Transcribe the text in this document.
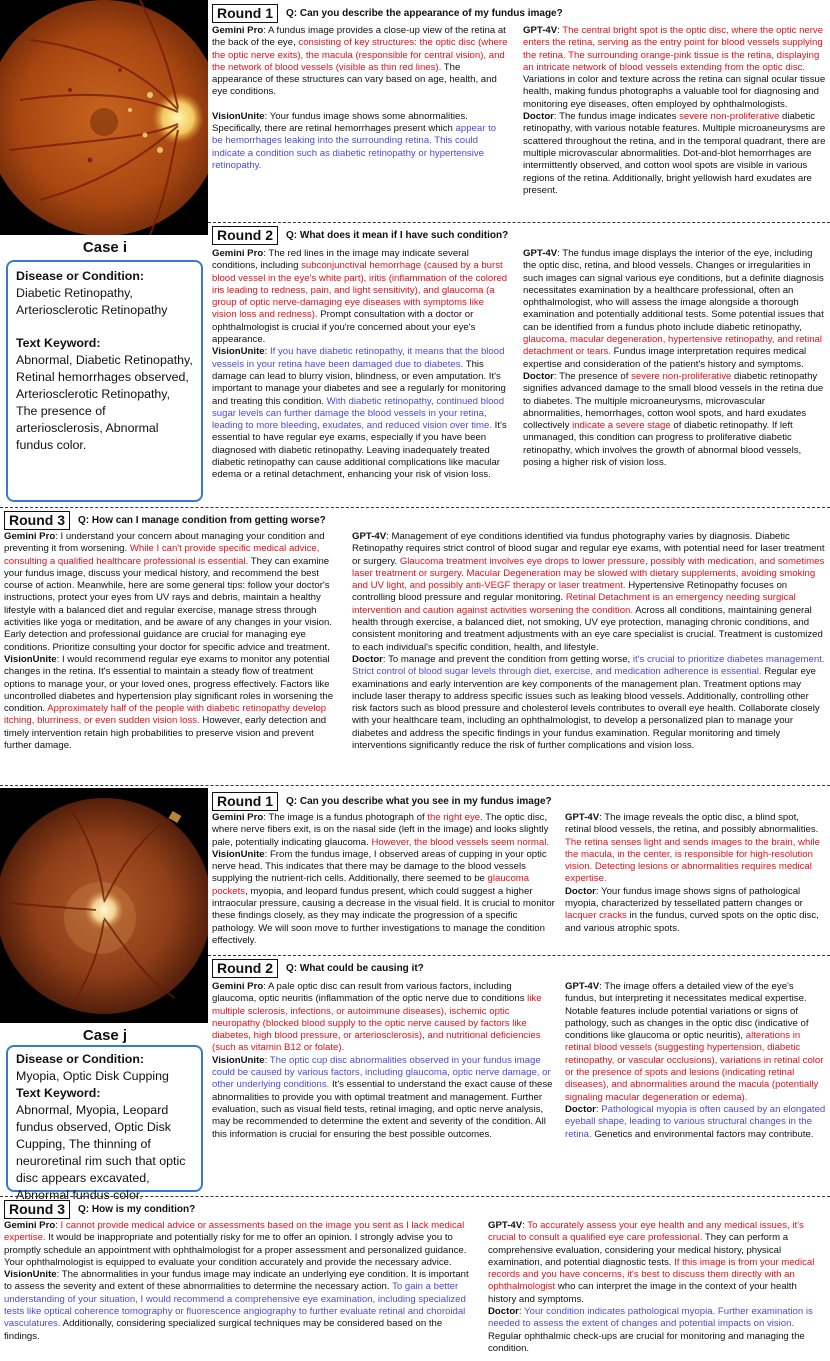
Case i
Disease or Condition:
Diabetic Retinopathy, Arteriosclerotic Retinopathy
Text Keyword:
Abnormal, Diabetic Retinopathy, Retinal hemorrhages observed, Arteriosclerotic Retinopathy, The presence of arteriosclerosis, Abnormal fundus color.
Round 1	Q: Can you describe the appearance of my fundus image?

Gemini Pro: A fundus image provides a close-up view of the retina at the back of the eye, consisting of key structures: the optic disc (where the optic nerve exits), the macula (responsible for central vision), and the network of blood vessels (visible as thin red lines). The appearance of these structures can vary based on age, health, and eye conditions.

VisionUnite: Your fundus image shows some abnormalities. Specifically, there are retinal hemorrhages present which appear to be hemorrhages leaking into the surrounding retina. This could indicate a condition such as diabetic retinopathy or hypertensive retinopathy.

GPT-4V: The central bright spot is the optic disc, where the optic nerve enters the retina, serving as the entry point for blood vessels supplying the retina. The surrounding orange-pink tissue is the retina, displaying an intricate network of blood vessels extending from the optic disc. Variations in color and texture across the retina can signal ocular tissue health, making fundus photographs a valuable tool for diagnosing and monitoring eye diseases, often employed by ophthalmologists.

Doctor: The fundus image indicates severe non-proliferative diabetic retinopathy, with various notable features. Multiple microaneurysms are scattered throughout the retina, and in the temporal quadrant, there are multiple microvascular abnormalities. Dot-and-blot hemorrhages are intermittently observed, and cotton wool spots are visible in various regions of the retina. Additionally, bright yellowish hard exudates are present.

Round 2	Q: What does it mean if I have such condition?

Gemini Pro: The red lines in the image may indicate several conditions, including subconjunctival hemorrhage (caused by a burst blood vessel in the eye's white part), iritis (inflammation of the colored iris leading to redness, pain, and light sensitivity), and glaucoma (a group of optic nerve-damaging eye diseases with symptoms like vision loss and redness). Prompt consultation with a doctor or ophthalmologist is crucial if you're concerned about your eye's appearance.

VisionUnite: If you have diabetic retinopathy, it means that the blood vessels in your retina have been damaged due to diabetes. This damage can lead to blurry vision, blindness, or even amputation. It's important to manage your diabetes and see a regularly for monitoring and treating this condition. With diabetic retinopathy, continued blood sugar levels can further damage the blood vessels in your retina, leading to more bleeding, exudates, and reduced vision over time. It's essential to have regular eye exams, especially if you have been diagnosed with diabetic retinopathy. Leaving inadequately treated diabetic retinopathy can cause additional complications like macular edema or a retinal detachment, enhancing your risk of vision loss.

GPT-4V: The fundus image displays the interior of the eye, including the optic disc, retina, and blood vessels. Changes or irregularities in such images can signal various eye conditions, but a definite diagnosis necessitates examination by a healthcare professional, often an ophthalmologist, who will assess the image alongside a thorough examination and potentially additional tests. Some potential issues that can be identified from a fundus photo include diabetic retinopathy, glaucoma, macular degeneration, hypertensive retinopathy, and retinal detachment or tears. Fundus image interpretation requires medical expertise and consideration of the patient's history and symptoms.

Doctor: The presence of severe non-proliferative diabetic retinopathy signifies advanced damage to the small blood vessels in the retina due to diabetes. The multiple microaneurysms, microvascular abnormalities, hemorrhages, cotton wool spots, and hard exudates collectively indicate a severe stage of diabetic retinopathy. If left unmanaged, this condition can progress to proliferative diabetic retinopathy, which involves the growth of abnormal blood vessels, posing a higher risk of vision loss.

Round 3	Q: How can I manage condition from getting worse?

Gemini Pro: I understand your concern about managing your condition and preventing it from worsening. While I can't provide specific medical advice, consulting a qualified healthcare professional is essential. They can examine your fundus image, discuss your medical history, and recommend the best course of action. Meanwhile, here are some general tips: follow your doctor's instructions, protect your eyes from UV rays and debris, maintain a healthy lifestyle with a balanced diet and regular exercise, manage stress through activities like yoga or meditation, and be aware of any changes in your vision. Early detection and professional guidance are crucial for managing eye conditions. Prioritize consulting your doctor for specific advice and treatment.

VisionUnite: I would recommend regular eye exams to monitor any potential changes in the retina. It's essential to maintain a steady flow of treatment options to manage your, or your loved ones, progress effectively. Factors like uncontrolled diabetes and hypertension play significant roles in worsening the condition. Approximately half of the people with diabetic retinopathy develop itching, blurriness, or even sudden vision loss. However, early detection and timely intervention retain high probabilities to preserve vision and prevent further damage.

GPT-4V: Management of eye conditions identified via fundus photography varies by diagnosis. Diabetic Retinopathy requires strict control of blood sugar and regular eye exams, with potential need for laser treatment or surgery. Glaucoma treatment involves eye drops to lower pressure, possibly with medication, and sometimes laser treatment or surgery. Macular Degeneration may be slowed with dietary supplements, avoiding smoking and UV light, and possibly anti-VEGF therapy or laser treatment. Hypertensive Retinopathy focuses on controlling blood pressure and regular monitoring. Retinal Detachment is an emergency needing surgical intervention and caution against activities worsening the condition. Across all conditions, maintaining general health through exercise, a balanced diet, not smoking, UV eye protection, managing chronic conditions, and consistent monitoring and treatment adjustments with an eye care specialist is crucial. Treatment is customized to each individual's specific condition, health, and lifestyle.

Doctor: To manage and prevent the condition from getting worse, it's crucial to prioritize diabetes management. Strict control of blood sugar levels through diet, exercise, and medication adherence is essential. Regular eye examinations and early intervention are key components of the management plan. Treatment options may include laser therapy to address specific issues such as leaking blood vessels. Additionally, controlling other risk factors such as blood pressure and cholesterol levels contributes to overall eye health. Collaborate closely with your healthcare team, including an ophthalmologist, to develop a personalized plan to manage your diabetes and address the specific findings in your fundus examination. Regular monitoring and timely interventions significantly reduce the risk of further complications and vision loss.

Case j
Disease or Condition:
Myopia, Optic Disk Cupping
Text Keyword:
Abnormal, Myopia, Leopard fundus observed, Optic Disk Cupping, The thinning of neuroretinal rim such that optic disc appears excavated, Abnormal fundus color.
Round 1	Q: Can you describe what you see in my fundus image?

Gemini Pro: The image is a fundus photograph of the right eye. The optic disc, where nerve fibers exit, is on the nasal side (left in the image) and looks slightly pale, potentially indicating glaucoma. However, the blood vessels seem normal.

VisionUnite: From the fundus image, I observed areas of cupping in your optic nerve head. This indicates that there may be damage to the blood vessels supplying the nutrient-rich cells. Additionally, there seemed to be glaucoma pockets, myopia, and leopard fundus present, which could suggest a higher intraocular pressure, causing a decrease in the visual field. It is crucial to monitor these findings closely, as they may indicate the progression of a specific pathology. We will soon move to further investigations to manage the condition effectively.

GPT-4V: The image reveals the optic disc, a blind spot, retinal blood vessels, the retina, and possibly abnormalities. The retina senses light and sends images to the brain, while the macula, in the center, is responsible for high-resolution vision. Detecting lesions or abnormalities requires medical expertise.

Doctor: Your fundus image shows signs of pathological myopia, characterized by tessellated pattern changes or lacquer cracks in the fundus, curved spots on the optic disc, and various atrophic spots.

Round 2	Q: What could be causing it?

Gemini Pro: A pale optic disc can result from various factors, including glaucoma, optic neuritis (inflammation of the optic nerve due to conditions like multiple sclerosis, infections, or autoimmune diseases), ischemic optic neuropathy (blocked blood supply to the optic nerve caused by factors like diabetes, high blood pressure, or arteriosclerosis), and nutritional deficiencies (such as vitamin B12 or folate).

VisionUnite: The optic cup disc abnormalities observed in your fundus image could be caused by various factors, including glaucoma, optic nerve damage, or other underlying conditions. It's essential to understand the exact cause of these abnormalities to provide you with optimal treatment and management. Further evaluation, such as visual field tests, retinal imaging, and optic nerve analysis, may be recommended to determine the extent and severity of the condition. All this information is crucial for ensuring the best possible outcomes.

GPT-4V: The image offers a detailed view of the eye's fundus, but interpreting it necessitates medical expertise. Notable features include potential variations or signs of pathology, such as changes in the optic disc (indicative of conditions like glaucoma or optic neuritis), alterations in retinal blood vessels (suggesting hypertension, diabetic retinopathy, or vascular occlusions), variations in retinal color or the presence of spots and lesions (indicating retinal diseases), and abnormalities around the macula (potentially signaling macular degeneration or edema).

Doctor: Pathological myopia is often caused by an elongated eyeball shape, leading to various structural changes in the retina. Genetics and environmental factors may contribute.

Round 3	Q: How is my condition?

Gemini Pro: I cannot provide medical advice or assessments based on the image you sent as I lack medical expertise. It would be inappropriate and potentially risky for me to offer an opinion. I strongly advise you to promptly schedule an appointment with ophthalmologist for a proper assessment and personalized guidance. Your ophthalmologist is equipped to evaluate your condition accurately and provide the necessary advice.

VisionUnite: The abnormalities in your fundus image may indicate an underlying eye condition. It is important to assess the severity and extent of these abnormalities to determine the necessary action. To gain a better understanding of your situation, I would recommend a comprehensive eye examination, including specialized tests like optical coherence tomography or fluorescence angiography to further evaluate retinal and choroidal vasculatures. Additionally, considering specialized surgical techniques may be considered based on the findings.

GPT-4V: To accurately assess your eye health and any medical issues, it's crucial to consult a qualified eye care professional. They can perform a comprehensive evaluation, considering your medical history, physical examination, and potential diagnostic tests. If this image is from your medical records and you have concerns, it's best to discuss them directly with an ophthalmologist who can interpret the image in the context of your health history and symptoms.

Doctor: Your condition indicates pathological myopia. Further examination is needed to assess the extent of changes and potential impacts on vision. Regular ophthalmic check-ups are crucial for monitoring and managing the condition.
